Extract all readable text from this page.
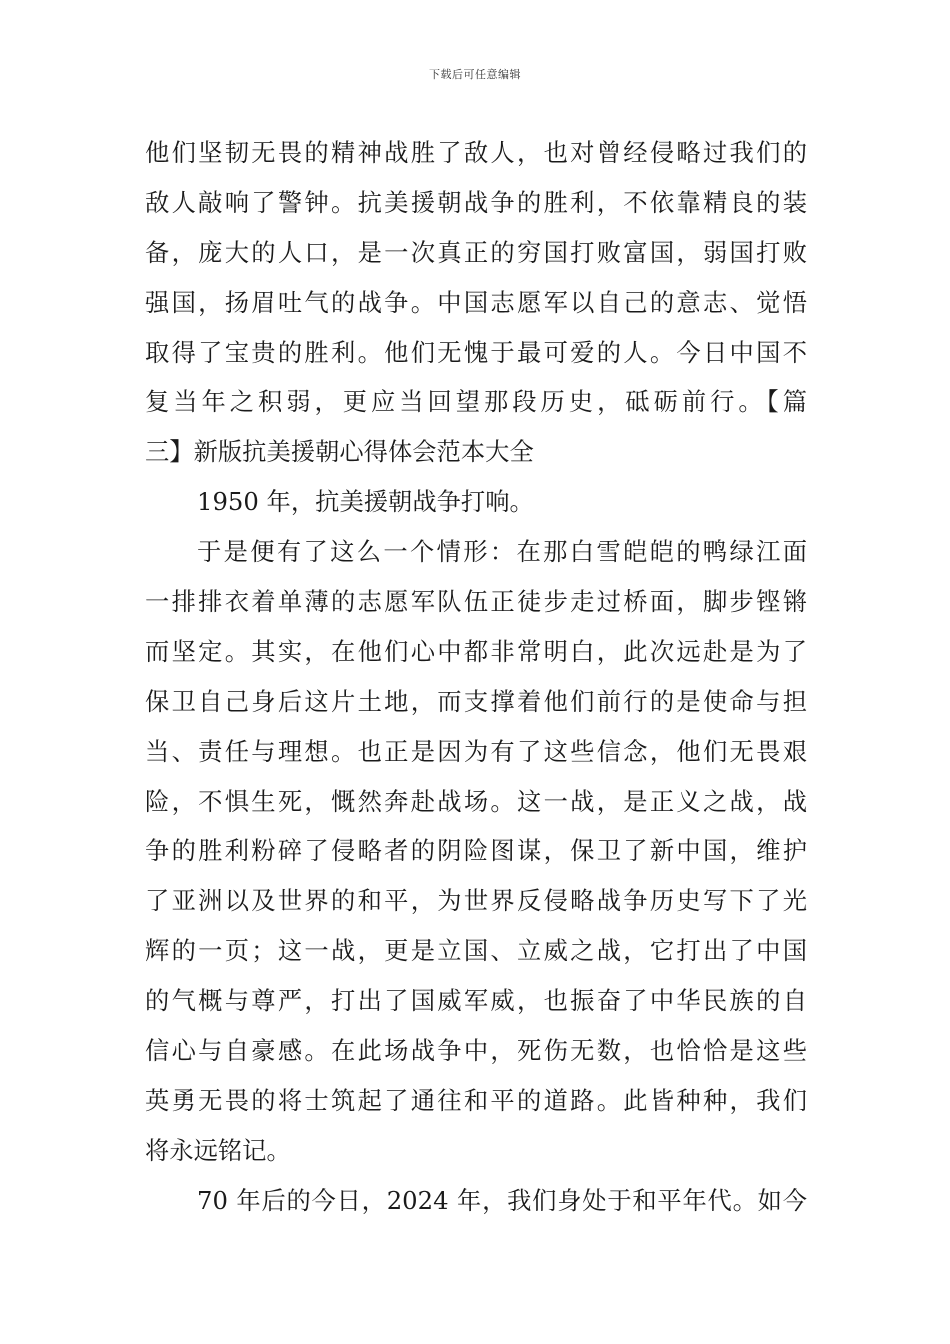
下载后可任意编辑
他们坚韧无畏的精神战胜了敌人，也对曾经侵略过我们的
敌人敲响了警钟。抗美援朝战争的胜利，不依靠精良的装
备，庞大的人口，是一次真正的穷国打败富国，弱国打败
强国，扬眉吐气的战争。中国志愿军以自己的意志、觉悟
取得了宝贵的胜利。他们无愧于最可爱的人。今日中国不
复当年之积弱，更应当回望那段历史，砥砺前行。【篇
三】新版抗美援朝心得体会范本大全
1950 年，抗美援朝战争打响。
于是便有了这么一个情形：在那白雪皑皑的鸭绿江面
一排排衣着单薄的志愿军队伍正徒步走过桥面，脚步铿锵
而坚定。其实，在他们心中都非常明白，此次远赴是为了
保卫自己身后这片土地，而支撑着他们前行的是使命与担
当、责任与理想。也正是因为有了这些信念，他们无畏艰
险，不惧生死，慨然奔赴战场。这一战，是正义之战，战
争的胜利粉碎了侵略者的阴险图谋，保卫了新中国，维护
了亚洲以及世界的和平，为世界反侵略战争历史写下了光
辉的一页；这一战，更是立国、立威之战，它打出了中国
的气概与尊严，打出了国威军威，也振奋了中华民族的自
信心与自豪感。在此场战争中，死伤无数，也恰恰是这些
英勇无畏的将士筑起了通往和平的道路。此皆种种，我们
将永远铭记。
70 年后的今日，2024 年，我们身处于和平年代。如今
